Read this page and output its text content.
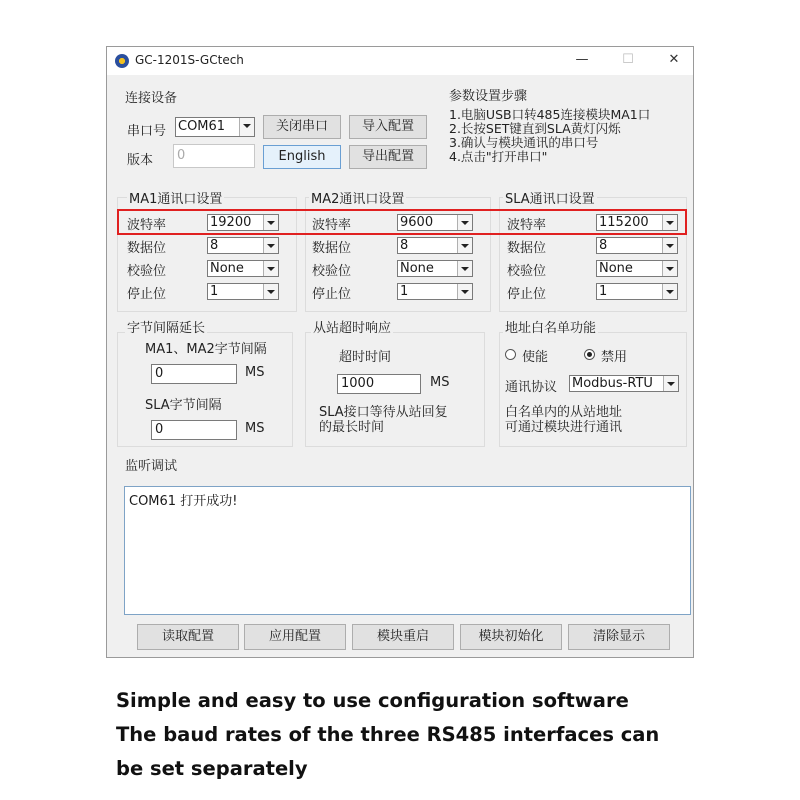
GC-1201S-GCtech	—	☐	✕
连接设备
串口号 COM61	关闭串口	导入配置
版本	0	English	导出配置
参数设置步骤
1.电脑USB口转485连接模块MA1口
2.长按SET键直到SLA黄灯闪烁
3.确认与模块通讯的串口号
4.点击"打开串口"
MA1通讯口设置
波特率	19200
数据位	8
校验位	None
停止位	1
MA2通讯口设置
波特率	9600
数据位	8
校验位	None
停止位	1
SLA通讯口设置
波特率	115200
数据位	8
校验位	None
停止位	1
字节间隔延长
MA1、MA2字节间隔
0	MS
SLA字节间隔
0	MS
从站超时响应
超时时间
1000	MS
SLA接口等待从站回复
的最长时间
地址白名单功能
使能	禁用
通讯协议 Modbus-RTU
白名单内的从站地址
可通过模块进行通讯
监听调试
COM61 打开成功!
读取配置	应用配置	模块重启	模块初始化	清除显示
Simple and easy to use configuration software
The baud rates of the three RS485 interfaces can
be set separately
